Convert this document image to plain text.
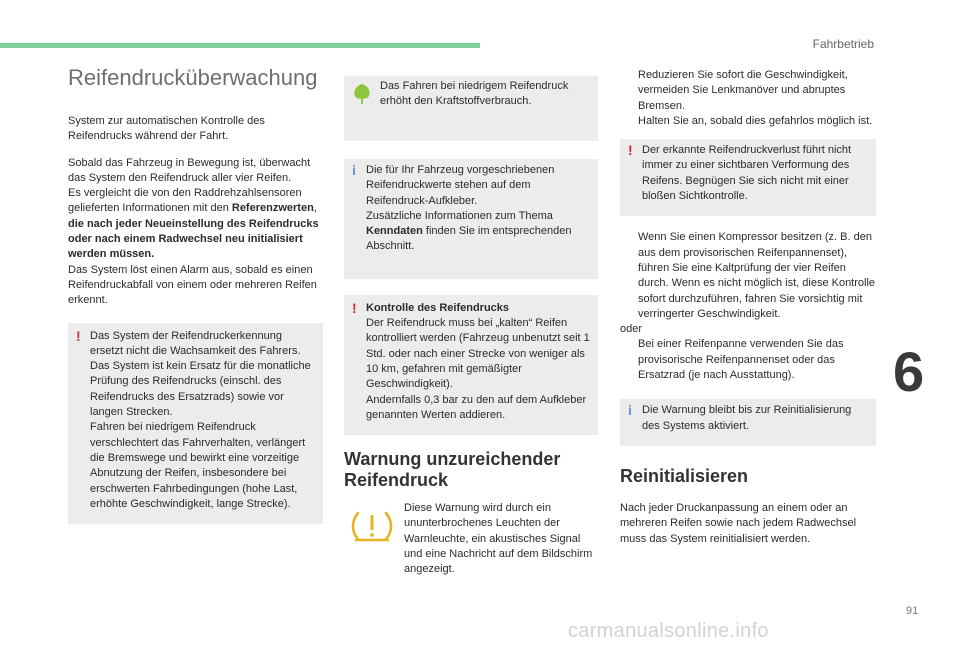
Fahrbetrieb
6
91
carmanualsonline.info
Reifendrucküberwachung

System zur automatischen Kontrolle des Reifendrucks während der Fahrt.

Sobald das Fahrzeug in Bewegung ist, überwacht das System den Reifendruck aller vier Reifen.
Es vergleicht die von den Raddrehzahlsensoren gelieferten Informationen mit den Referenzwerten,
die nach jeder Neueinstellung des Reifendrucks oder nach einem Radwechsel neu initialisiert werden müssen.
Das System löst einen Alarm aus, sobald es einen Reifendruckabfall von einem oder mehreren Reifen erkennt.

! Das System der Reifendruckerkennung ersetzt nicht die Wachsamkeit des Fahrers.
Das System ist kein Ersatz für die monatliche Prüfung des Reifendrucks (einschl. des Reifendrucks des Ersatzrads) sowie vor langen Strecken.
Fahren bei niedrigem Reifendruck verschlechtert das Fahrverhalten, verlängert die Bremswege und bewirkt eine vorzeitige Abnutzung der Reifen, insbesondere bei erschwerten Fahrbedingungen (hohe Last, erhöhte Geschwindigkeit, lange Strecke).
Das Fahren bei niedrigem Reifendruck erhöht den Kraftstoffverbrauch.
i Die für Ihr Fahrzeug vorgeschriebenen Reifendruckwerte stehen auf dem Reifendruck-Aufkleber.
Zusätzliche Informationen zum Thema Kenndaten finden Sie im entsprechenden Abschnitt.
! Kontrolle des Reifendrucks
Der Reifendruck muss bei „kalten“ Reifen kontrolliert werden (Fahrzeug unbenutzt seit 1 Std. oder nach einer Strecke von weniger als 10 km, gefahren mit gemäßigter Geschwindigkeit).
Andernfalls 0,3 bar zu den auf dem Aufkleber genannten Werten addieren.
Warnung unzureichender Reifendruck
Diese Warnung wird durch ein ununterbrochenes Leuchten der Warnleuchte, ein akustisches Signal und eine Nachricht auf dem Bildschirm angezeigt.
Reduzieren Sie sofort die Geschwindigkeit, vermeiden Sie Lenkmanöver und abruptes Bremsen.
Halten Sie an, sobald dies gefahrlos möglich ist.
! Der erkannte Reifendruckverlust führt nicht immer zu einer sichtbaren Verformung des Reifens. Begnügen Sie sich nicht mit einer bloßen Sichtkontrolle.
Wenn Sie einen Kompressor besitzen (z. B. den aus dem provisorischen Reifenpannenset), führen Sie eine Kaltprüfung der vier Reifen durch. Wenn es nicht möglich ist, diese Kontrolle sofort durchzuführen, fahren Sie vorsichtig mit verringerter Geschwindigkeit.
oder
Bei einer Reifenpanne verwenden Sie das provisorische Reifenpannenset oder das Ersatzrad (je nach Ausstattung).
i Die Warnung bleibt bis zur Reinitialisierung des Systems aktiviert.
Reinitialisieren

Nach jeder Druckanpassung an einem oder an mehreren Reifen sowie nach jedem Radwechsel muss das System reinitialisiert werden.
